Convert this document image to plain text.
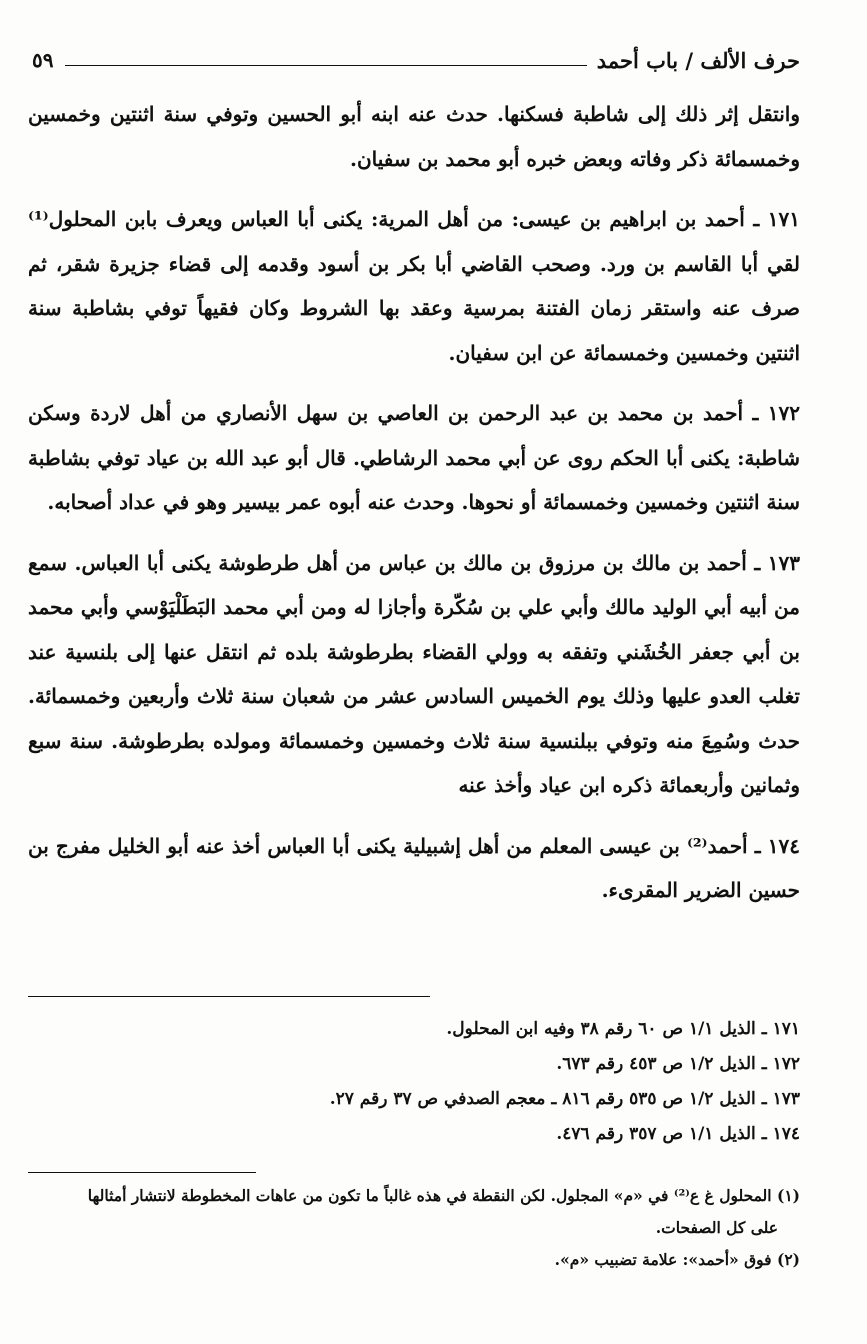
حرف الألف / باب أحمد
٥٩

وانتقل إثر ذلك إلى شاطبة فسكنها. حدث عنه ابنه أبو الحسين وتوفي سنة اثنتين وخمسين وخمسمائة ذكر وفاته وبعض خبره أبو محمد بن سفيان.

١٧١ ـ أحمد بن ابراهيم بن عيسى: من أهل المرية: يكنى أبا العباس ويعرف بابن المحلول⁽¹⁾ لقي أبا القاسم بن ورد. وصحب القاضي أبا بكر بن أسود وقدمه إلى قضاء جزيرة شقر، ثم صرف عنه واستقر زمان الفتنة بمرسية وعقد بها الشروط وكان فقيهاً توفي بشاطبة سنة اثنتين وخمسين وخمسمائة عن ابن سفيان.

١٧٢ ـ أحمد بن محمد بن عبد الرحمن بن العاصي بن سهل الأنصاري من أهل لاردة وسكن شاطبة: يكنى أبا الحكم روى عن أبي محمد الرشاطي. قال أبو عبد الله بن عياد توفي بشاطبة سنة اثنتين وخمسين وخمسمائة أو نحوها. وحدث عنه أبوه عمر بيسير وهو في عداد أصحابه.

١٧٣ ـ أحمد بن مالك بن مرزوق بن مالك بن عباس من أهل طرطوشة يكنى أبا العباس. سمع من أبيه أبي الوليد مالك وأبي علي بن سُكّرة وأجازا له ومن أبي محمد البَطَلْيَوْسي وأبي محمد بن أبي جعفر الخُشَني وتفقه به وولي القضاء بطرطوشة بلده ثم انتقل عنها إلى بلنسية عند تغلب العدو عليها وذلك يوم الخميس السادس عشر من شعبان سنة ثلاث وأربعين وخمسمائة. حدث وسُمِعَ منه وتوفي ببلنسية سنة ثلاث وخمسين وخمسمائة ومولده بطرطوشة. سنة سبع وثمانين وأربعمائة ذكره ابن عياد وأخذ عنه

١٧٤ ـ أحمد⁽²⁾ بن عيسى المعلم من أهل إشبيلية يكنى أبا العباس أخذ عنه أبو الخليل مفرج بن حسين الضرير المقرىء.

١٧١ ـ الذيل ١/١ ص ٦٠ رقم ٣٨ وفيه ابن المحلول.
١٧٢ ـ الذيل ١/٢ ص ٤٥٣ رقم ٦٧٣.
١٧٣ ـ الذيل ١/٢ ص ٥٣٥ رقم ٨١٦ ـ معجم الصدفي ص ٣٧ رقم ٢٧.
١٧٤ ـ الذيل ١/١ ص ٣٥٧ رقم ٤٧٦.
(١) المحلول غ ع⁽²⁾ في «م» المجلول. لكن النقطة في هذه غالباً ما تكون من عاهات المخطوطة لانتشار أمثالها
على كل الصفحات.
(٢) فوق «أحمد»: علامة تضبيب «م».
